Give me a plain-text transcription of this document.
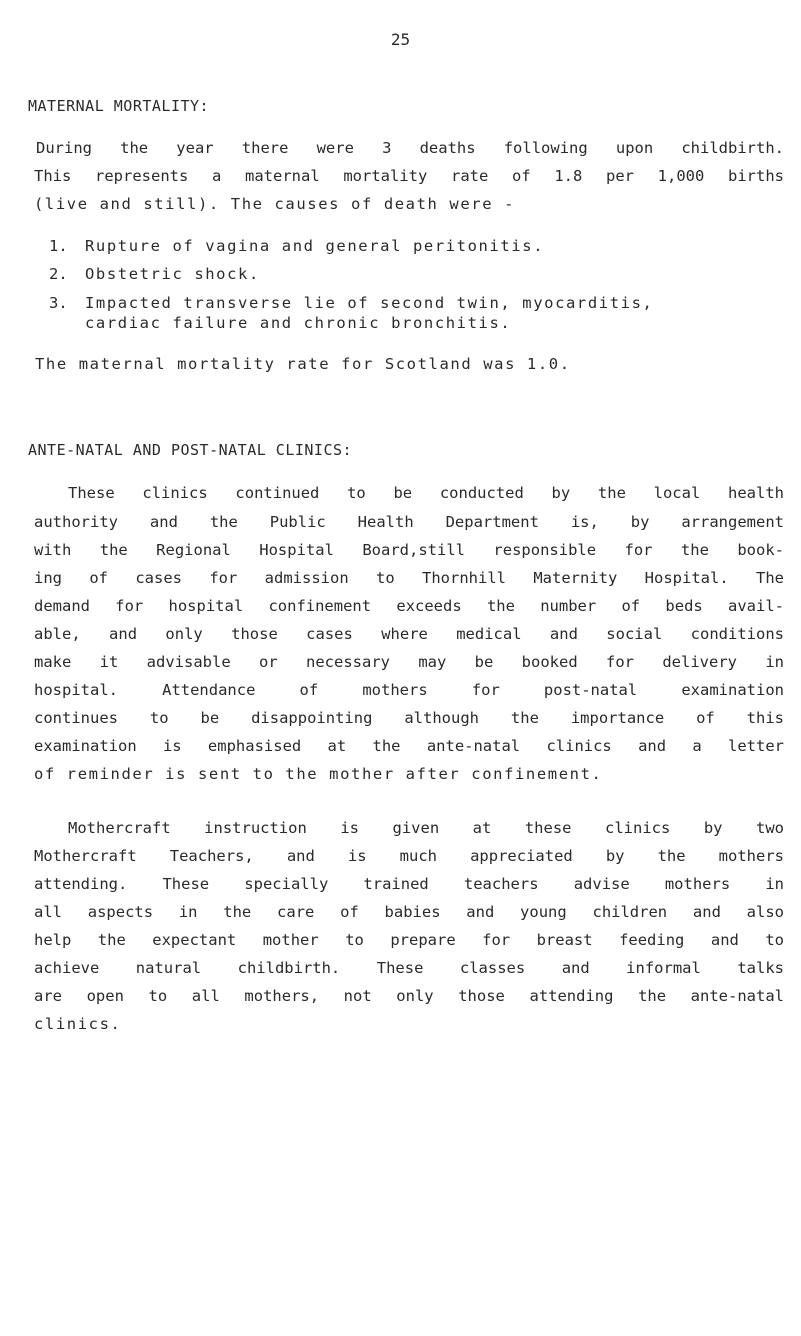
25
MATERNAL MORTALITY:
During the year there were 3 deaths following upon childbirth.
This represents a maternal mortality rate of 1.8 per 1,000 births
(live and still). The causes of death were -
1. Rupture of vagina and general peritonitis.
2. Obstetric shock.
3. Impacted transverse lie of second twin, myocarditis,
cardiac failure and chronic bronchitis.
The maternal mortality rate for Scotland was 1.0.
ANTE-NATAL AND POST-NATAL CLINICS:
These clinics continued to be conducted by the local health
authority and the Public Health Department is, by arrangement
with the Regional Hospital Board,still responsible for the book-
ing of cases for admission to Thornhill Maternity Hospital. The
demand for hospital confinement exceeds the number of beds avail-
able, and only those cases where medical and social conditions
make it advisable or necessary may be booked for delivery in
hospital. Attendance of mothers for post-natal examination
continues to be disappointing although the importance of this
examination is emphasised at the ante-natal clinics and a letter
of reminder is sent to the mother after confinement.
Mothercraft instruction is given at these clinics by two
Mothercraft Teachers, and is much appreciated by the mothers
attending. These specially trained teachers advise mothers in
all aspects in the care of babies and young children and also
help the expectant mother to prepare for breast feeding and to
achieve natural childbirth. These classes and informal talks
are open to all mothers, not only those attending the ante-natal
clinics.
